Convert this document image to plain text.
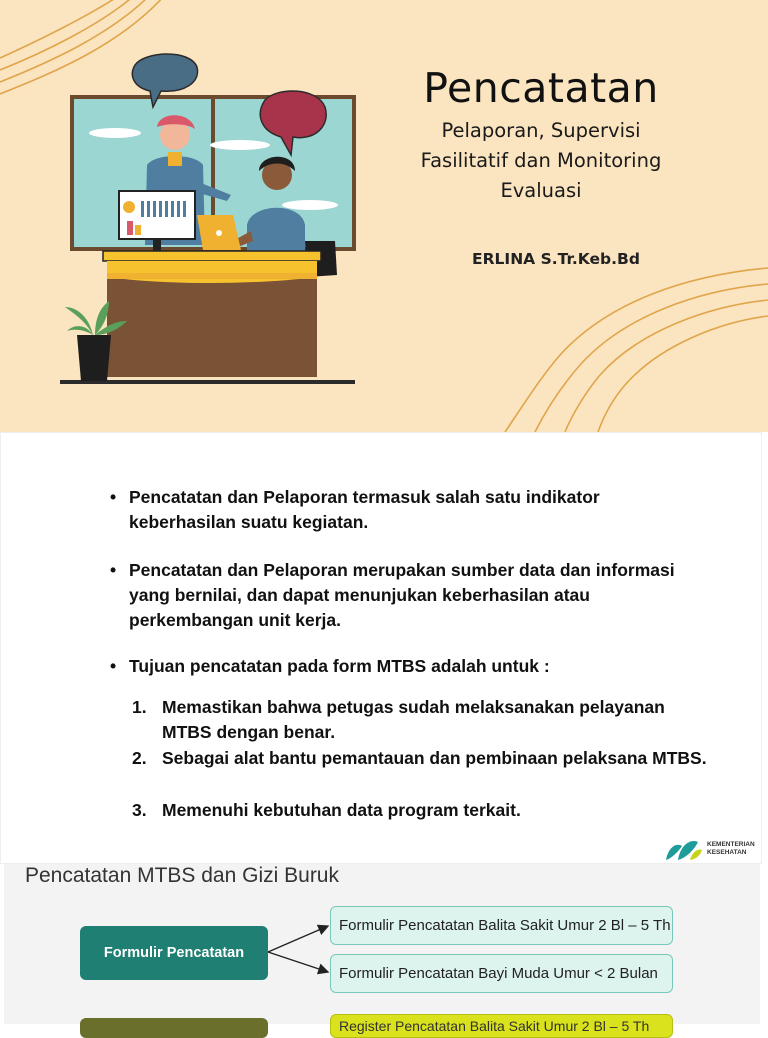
Pencatatan
Pelaporan, Supervisi
Fasilitatif dan Monitoring
Evaluasi
ERLINA S.Tr.Keb.Bd
• Pencatatan dan Pelaporan termasuk salah satu indikator keberhasilan suatu kegiatan.
• Pencatatan dan Pelaporan merupakan sumber data dan informasi yang bernilai, dan dapat menunjukan keberhasilan atau perkembangan unit kerja.
• Tujuan pencatatan pada form MTBS adalah untuk :
1. Memastikan bahwa petugas sudah melaksanakan pelayanan MTBS dengan benar.
2. Sebagai alat bantu pemantauan dan pembinaan pelaksana MTBS.
3. Memenuhi kebutuhan data program terkait.
KEMENTERIAN
KESEHATAN
Pencatatan MTBS dan Gizi Buruk
Formulir Pencatatan
Formulir Pencatatan Balita Sakit Umur 2 Bl – 5 Th
Formulir Pencatatan Bayi Muda Umur < 2 Bulan
Register Pencatatan Balita Sakit Umur 2 Bl – 5 Th
